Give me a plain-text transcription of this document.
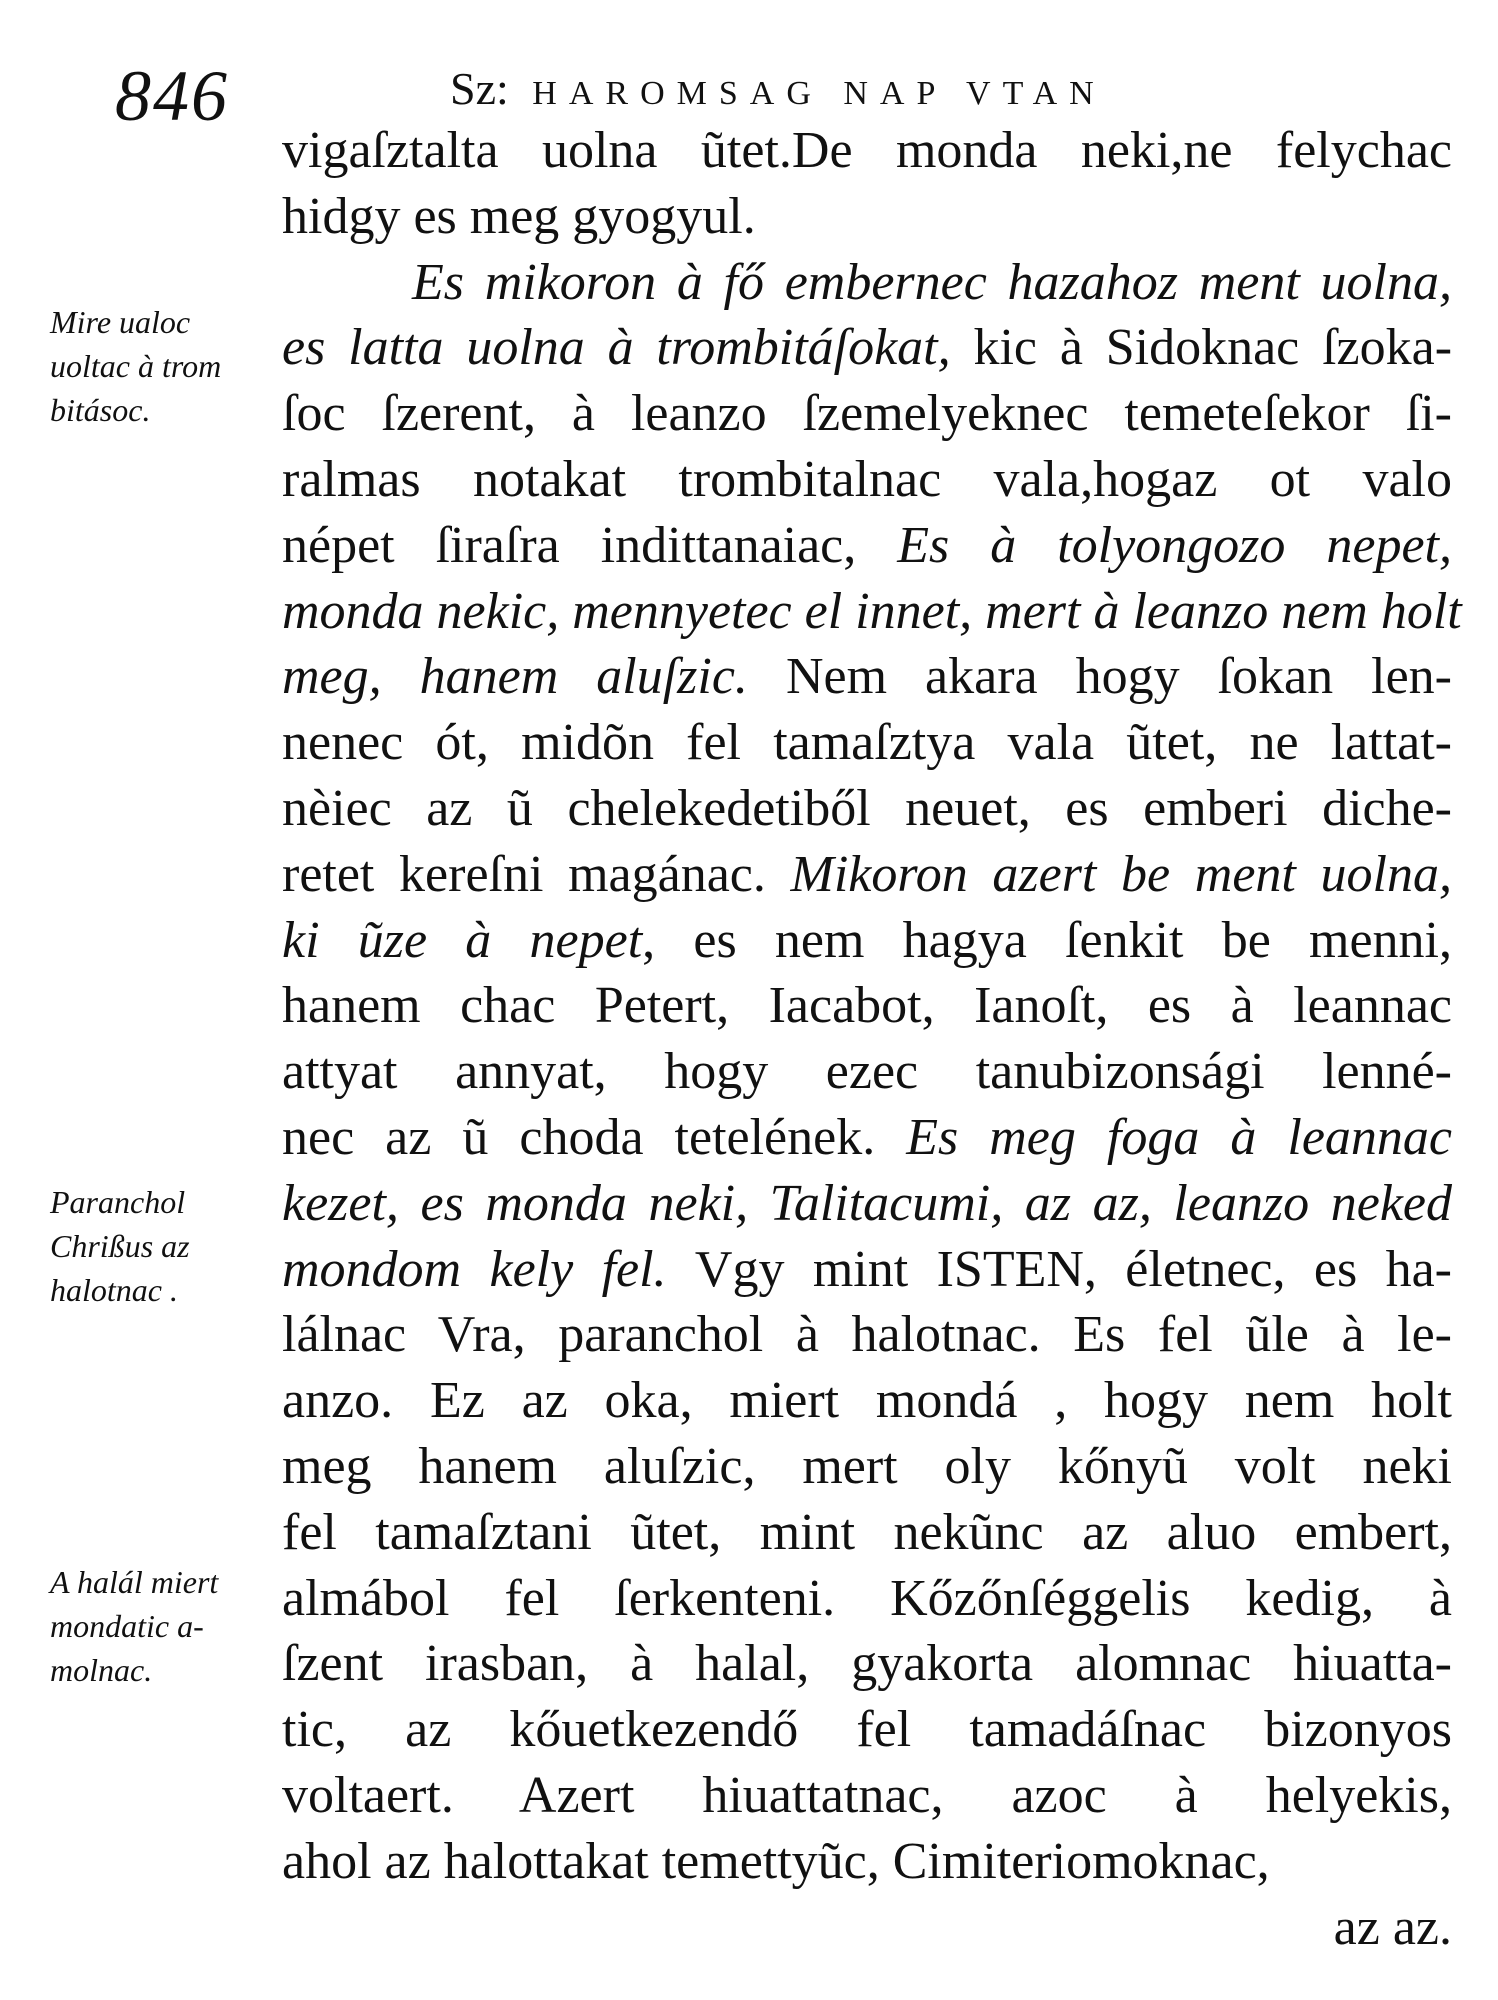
846	Sz: HAROMSAG NAP VTAN
Mire ualoc
uoltac à trom
bitásoc.
Paranchol
Chrißus az
halotnac .
A halál miert
mondatic a-
molnac.
vigaſztalta uolna ũtet.De monda neki,ne felychac
hidgy es meg gyogyul.
Es mikoron à fő embernec hazahoz ment uolna,
es latta uolna à trombitáſokat, kic à Sidoknac ſzoka-
ſoc ſzerent, à leanzo ſzemelyeknec temeteſekor ſi-
ralmas notakat trombitalnac vala,hogaz ot valo
népet ſiraſra indittanaiac, Es à tolyongozo nepet,
monda nekic, mennyetec el innet, mert à leanzo nem holt
meg, hanem aluſzic. Nem akara hogy ſokan len-
nenec ót, midõn fel tamaſztya vala ũtet, ne lattat-
nèiec az ũ chelekedetiből neuet, es emberi diche-
retet kereſni magánac. Mikoron azert be ment uolna,
ki ũze à nepet, es nem hagya ſenkit be menni,
hanem chac Petert, Iacabot, Ianoſt, es à leannac
attyat annyat, hogy ezec tanubizonsági lenné-
nec az ũ choda tetelének. Es meg foga à leannac
kezet, es monda neki, Talitacumi, az az, leanzo neked
mondom kely fel. Vgy mint ISTEN, életnec, es ha-
lálnac Vra, paranchol à halotnac. Es fel ũle à le-
anzo. Ez az oka, miert mondá , hogy nem holt
meg hanem aluſzic, mert oly kőnyũ volt neki
fel tamaſztani ũtet, mint nekũnc az aluo embert,
almábol fel ſerkenteni. Kőzőnſéggelis kedig, à
ſzent irasban, à halal, gyakorta alomnac hiuatta-
tic, az kőuetkezendő fel tamadáſnac bizonyos
voltaert. Azert hiuattatnac, azoc à helyekis,
ahol az halottakat temettyũc, Cimiteriomoknac,
az az.
